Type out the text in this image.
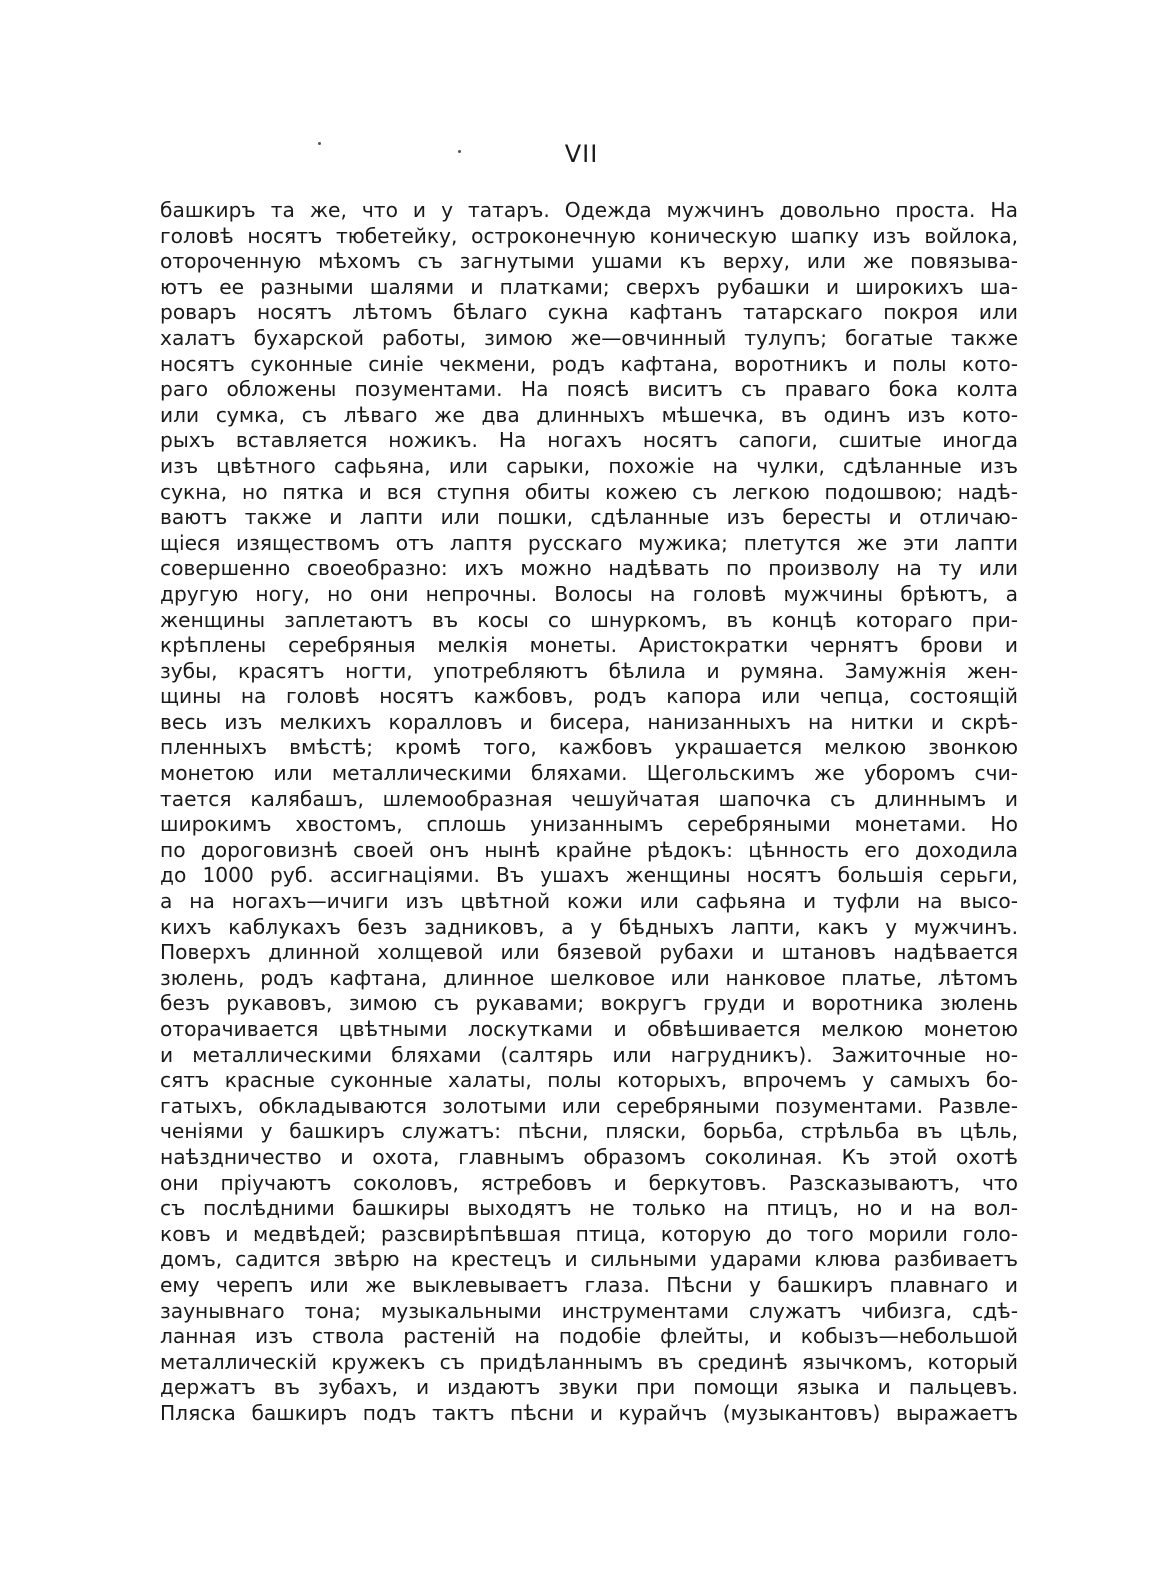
VII
башкиръ та же, что и у татаръ. Одежда мужчинъ довольно проста. На
головѣ носятъ тюбетейку, остроконечную коническую шапку изъ войлока,
отороченную мѣхомъ съ загнутыми ушами къ верху, или же повязыва-
ютъ ее разными шалями и платками; сверхъ рубашки и широкихъ ша-
роваръ носятъ лѣтомъ бѣлаго сукна кафтанъ татарскаго покроя или
халатъ бухарской работы, зимою же—овчинный тулупъ; богатые также
носятъ суконные синіе чекмени, родъ кафтана, воротникъ и полы кото-
раго обложены позументами. На поясѣ виситъ съ праваго бока колта
или сумка, съ лѣваго же два длинныхъ мѣшечка, въ одинъ изъ кото-
рыхъ вставляется ножикъ. На ногахъ носятъ сапоги, сшитые иногда
изъ цвѣтного сафьяна, или сарыки, похожіе на чулки, сдѣланные изъ
сукна, но пятка и вся ступня обиты кожею съ легкою подошвою; надѣ-
ваютъ также и лапти или пошки, сдѣланные изъ бересты и отличаю-
щіеся изяществомъ отъ лаптя русскаго мужика; плетутся же эти лапти
совершенно своеобразно: ихъ можно надѣвать по произволу на ту или
другую ногу, но они непрочны. Волосы на головѣ мужчины брѣютъ, а
женщины заплетаютъ въ косы со шнуркомъ, въ концѣ котораго при-
крѣплены серебряныя мелкія монеты. Аристократки чернятъ брови и
зубы, красятъ ногти, употребляютъ бѣлила и румяна. Замужнія жен-
щины на головѣ носятъ кажбовъ, родъ капора или чепца, состоящій
весь изъ мелкихъ коралловъ и бисера, нанизанныхъ на нитки и скрѣ-
пленныхъ вмѣстѣ; кромѣ того, кажбовъ украшается мелкою звонкою
монетою или металлическими бляхами. Щегольскимъ же уборомъ счи-
тается калябашъ, шлемообразная чешуйчатая шапочка съ длиннымъ и
широкимъ хвостомъ, сплошь унизаннымъ серебряными монетами. Но
по дороговизнѣ своей онъ нынѣ крайне рѣдокъ: цѣнность его доходила
до 1000 руб. ассигнаціями. Въ ушахъ женщины носятъ большія серьги,
а на ногахъ—ичиги изъ цвѣтной кожи или сафьяна и туфли на высо-
кихъ каблукахъ безъ задниковъ, а у бѣдныхъ лапти, какъ у мужчинъ.
Поверхъ длинной холщевой или бязевой рубахи и штановъ надѣвается
зюлень, родъ кафтана, длинное шелковое или нанковое платье, лѣтомъ
безъ рукавовъ, зимою съ рукавами; вокругъ груди и воротника зюлень
оторачивается цвѣтными лоскутками и обвѣшивается мелкою монетою
и металлическими бляхами (салтярь или нагрудникъ). Зажиточные но-
сятъ красные суконные халаты, полы которыхъ, впрочемъ у самыхъ бо-
гатыхъ, обкладываются золотыми или серебряными позументами. Развле-
ченіями у башкиръ служатъ: пѣсни, пляски, борьба, стрѣльба въ цѣль,
наѣздничество и охота, главнымъ образомъ соколиная. Къ этой охотѣ
они пріучаютъ соколовъ, ястребовъ и беркутовъ. Разсказываютъ, что
съ послѣдними башкиры выходятъ не только на птицъ, но и на вол-
ковъ и медвѣдей; разсвирѣпѣвшая птица, которую до того морили голо-
домъ, садится звѣрю на крестецъ и сильными ударами клюва разбиваетъ
ему черепъ или же выклевываетъ глаза. Пѣсни у башкиръ плавнаго и
заунывнаго тона; музыкальными инструментами служатъ чибизга, сдѣ-
ланная изъ ствола растеній на подобіе флейты, и кобызъ—небольшой
металлическій кружекъ съ придѣланнымъ въ срединѣ язычкомъ, который
держатъ въ зубахъ, и издаютъ звуки при помощи языка и пальцевъ.
Пляска башкиръ подъ тактъ пѣсни и курайчъ (музыкантовъ) выражаетъ
